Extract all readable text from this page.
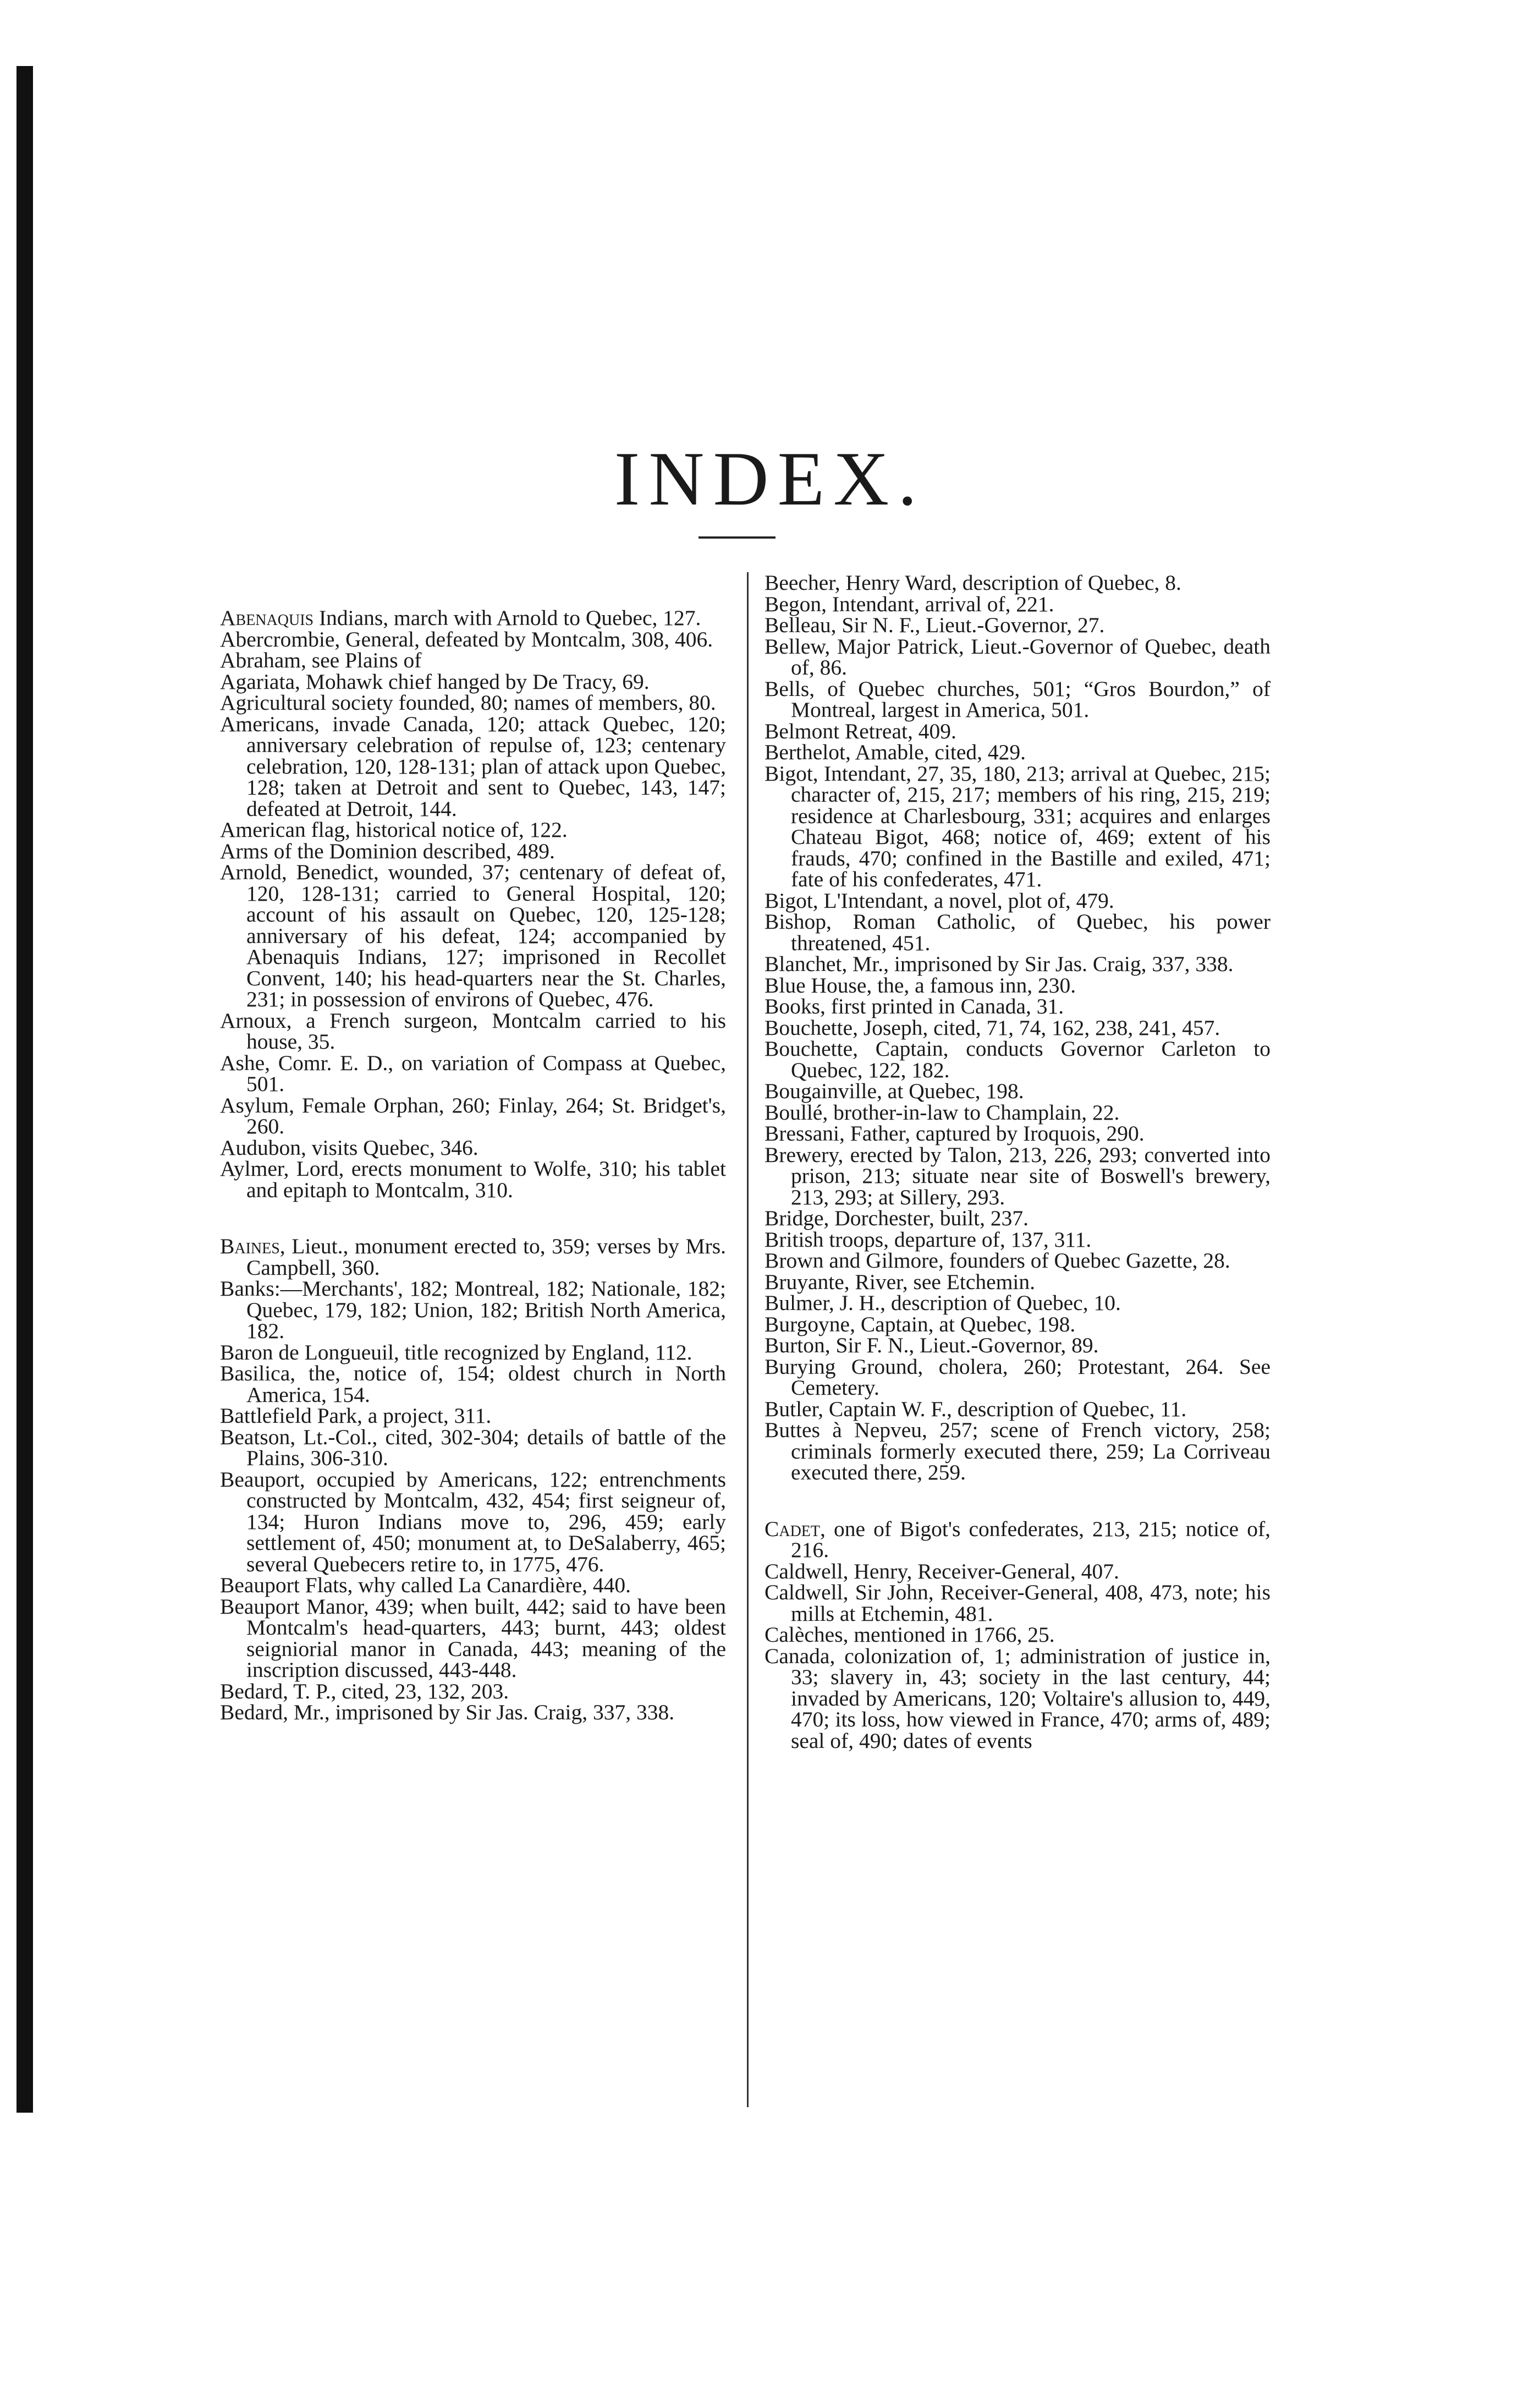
INDEX.

Abenaquis Indians, march with Arnold to Quebec, 127.

Abercrombie, General, defeated by Montcalm, 308, 406.

Abraham, see Plains of

Agariata, Mohawk chief hanged by De Tracy, 69.

Agricultural society founded, 80; names of members, 80.

Americans, invade Canada, 120; attack Quebec, 120; anniversary celebration of repulse of, 123; centenary celebration, 120, 128-131; plan of attack upon Quebec, 128; taken at Detroit and sent to Quebec, 143, 147; defeated at Detroit, 144.

American flag, historical notice of, 122.

Arms of the Dominion described, 489.

Arnold, Benedict, wounded, 37; centenary of defeat of, 120, 128-131; carried to General Hospital, 120; account of his assault on Quebec, 120, 125-128; anniversary of his defeat, 124; accompanied by Abenaquis Indians, 127; imprisoned in Recollet Convent, 140; his head-quarters near the St. Charles, 231; in possession of environs of Quebec, 476.

Arnoux, a French surgeon, Montcalm carried to his house, 35.

Ashe, Comr. E. D., on variation of Compass at Quebec, 501.

Asylum, Female Orphan, 260; Finlay, 264; St. Bridget's, 260.

Audubon, visits Quebec, 346.

Aylmer, Lord, erects monument to Wolfe, 310; his tablet and epitaph to Montcalm, 310.

Baines, Lieut., monument erected to, 359; verses by Mrs. Campbell, 360.

Banks:—Merchants', 182; Montreal, 182; Nationale, 182; Quebec, 179, 182; Union, 182; British North America, 182.

Baron de Longueuil, title recognized by England, 112.

Basilica, the, notice of, 154; oldest church in North America, 154.

Battlefield Park, a project, 311.

Beatson, Lt.-Col., cited, 302-304; details of battle of the Plains, 306-310.

Beauport, occupied by Americans, 122; entrenchments constructed by Montcalm, 432, 454; first seigneur of, 134; Huron Indians move to, 296, 459; early settlement of, 450; monument at, to DeSalaberry, 465; several Quebecers retire to, in 1775, 476.

Beauport Flats, why called La Canardière, 440.

Beauport Manor, 439; when built, 442; said to have been Montcalm's head-quarters, 443; burnt, 443; oldest seigniorial manor in Canada, 443; meaning of the inscription discussed, 443-448.

Bedard, T. P., cited, 23, 132, 203.

Bedard, Mr., imprisoned by Sir Jas. Craig, 337, 338.

Beecher, Henry Ward, description of Quebec, 8.

Begon, Intendant, arrival of, 221.

Belleau, Sir N. F., Lieut.-Governor, 27.

Bellew, Major Patrick, Lieut.-Governor of Quebec, death of, 86.

Bells, of Quebec churches, 501; “Gros Bourdon,” of Montreal, largest in America, 501.

Belmont Retreat, 409.

Berthelot, Amable, cited, 429.

Bigot, Intendant, 27, 35, 180, 213; arrival at Quebec, 215; character of, 215, 217; members of his ring, 215, 219; residence at Charlesbourg, 331; acquires and enlarges Chateau Bigot, 468; notice of, 469; extent of his frauds, 470; confined in the Bastille and exiled, 471; fate of his confederates, 471.

Bigot, L'Intendant, a novel, plot of, 479.

Bishop, Roman Catholic, of Quebec, his power threatened, 451.

Blanchet, Mr., imprisoned by Sir Jas. Craig, 337, 338.

Blue House, the, a famous inn, 230.

Books, first printed in Canada, 31.

Bouchette, Joseph, cited, 71, 74, 162, 238, 241, 457.

Bouchette, Captain, conducts Governor Carleton to Quebec, 122, 182.

Bougainville, at Quebec, 198.

Boullé, brother-in-law to Champlain, 22.

Bressani, Father, captured by Iroquois, 290.

Brewery, erected by Talon, 213, 226, 293; converted into prison, 213; situate near site of Boswell's brewery, 213, 293; at Sillery, 293.

Bridge, Dorchester, built, 237.

British troops, departure of, 137, 311.

Brown and Gilmore, founders of Quebec Gazette, 28.

Bruyante, River, see Etchemin.

Bulmer, J. H., description of Quebec, 10.

Burgoyne, Captain, at Quebec, 198.

Burton, Sir F. N., Lieut.-Governor, 89.

Burying Ground, cholera, 260; Protestant, 264. See Cemetery.

Butler, Captain W. F., description of Quebec, 11.

Buttes à Nepveu, 257; scene of French victory, 258; criminals formerly executed there, 259; La Corriveau executed there, 259.

Cadet, one of Bigot's confederates, 213, 215; notice of, 216.

Caldwell, Henry, Receiver-General, 407.

Caldwell, Sir John, Receiver-General, 408, 473, note; his mills at Etchemin, 481.

Calèches, mentioned in 1766, 25.

Canada, colonization of, 1; administration of justice in, 33; slavery in, 43; society in the last century, 44; invaded by Americans, 120; Voltaire's allusion to, 449, 470; its loss, how viewed in France, 470; arms of, 489; seal of, 490; dates of events
